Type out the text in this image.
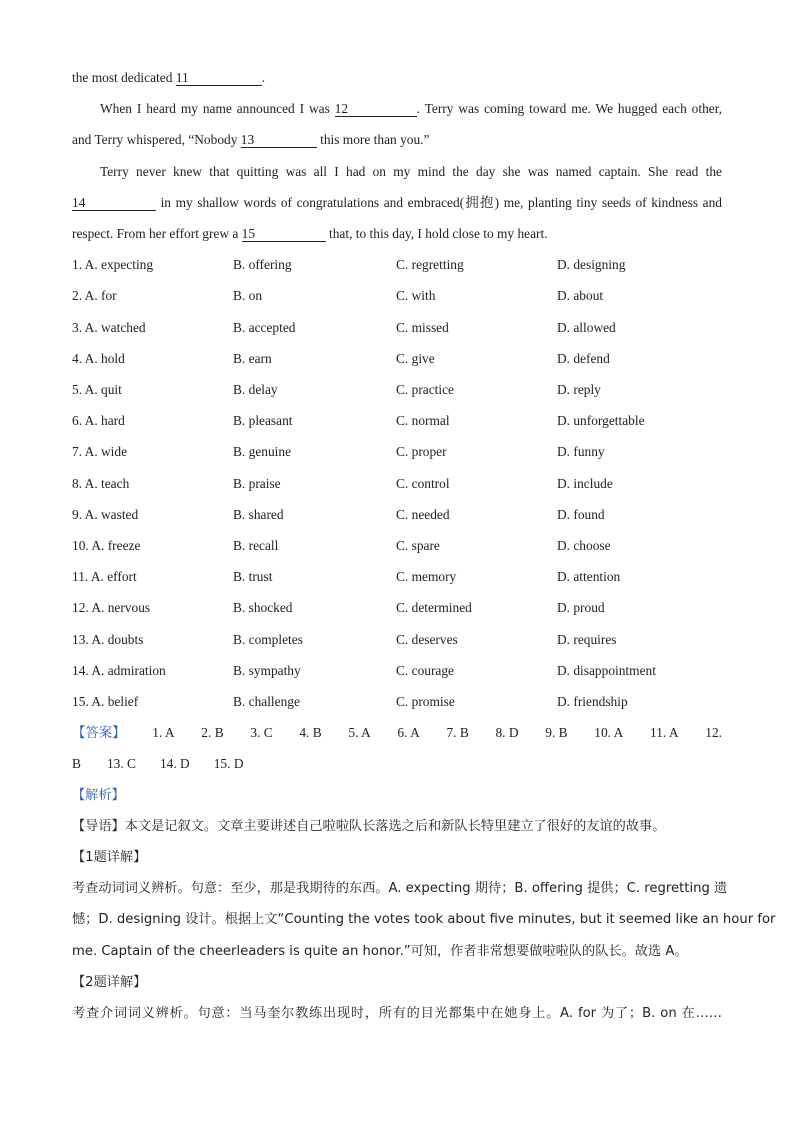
the most dedicated 11	.
When I heard my name announced I was 12	. Terry was coming toward me. We hugged each other,
and Terry whispered, “Nobody 13	this more than you.”
Terry never knew that quitting was all I had on my mind the day she was named captain. She read the
14	in my shallow words of congratulations and embraced(拥抱) me, planting tiny seeds of kindness and
respect. From her effort grew a 15	that, to this day, I hold close to my heart.
1. A. expecting	B. offering	C. regretting	D. designing
2. A. for	B. on	C. with	D. about
3. A. watched	B. accepted	C. missed	D. allowed
4. A. hold	B. earn	C. give	D. defend
5. A. quit	B. delay	C. practice	D. reply
6. A. hard	B. pleasant	C. normal	D. unforgettable
7. A. wide	B. genuine	C. proper	D. funny
8. A. teach	B. praise	C. control	D. include
9. A. wasted	B. shared	C. needed	D. found
10. A. freeze	B. recall	C. spare	D. choose
11. A. effort	B. trust	C. memory	D. attention
12. A. nervous	B. shocked	C. determined	D. proud
13. A. doubts	B. completes	C. deserves	D. requires
14. A. admiration	B. sympathy	C. courage	D. disappointment
15. A. belief	B. challenge	C. promise	D. friendship
【答案】 1. A 2. B 3. C 4. B 5. A 6. A 7. B 8. D 9. B 10. A 11. A 12.
B 13. C 14. D 15. D
【解析】
【导语】本文是记叙文。文章主要讲述自己啦啦队长落选之后和新队长特里建立了很好的友谊的故事。
【1题详解】
考查动词词义辨析。句意：至少，那是我期待的东西。A. expecting 期待；B. offering 提供；C. regretting 遗
憾；D. designing 设计。根据上文“Counting the votes took about five minutes, but it seemed like an hour for
me. Captain of the cheerleaders is quite an honor.”可知，作者非常想要做啦啦队的队长。故选 A。
【2题详解】
考查介词词义辨析。句意：当马奎尔教练出现时，所有的目光都集中在她身上。A. for 为了；B. on 在……
